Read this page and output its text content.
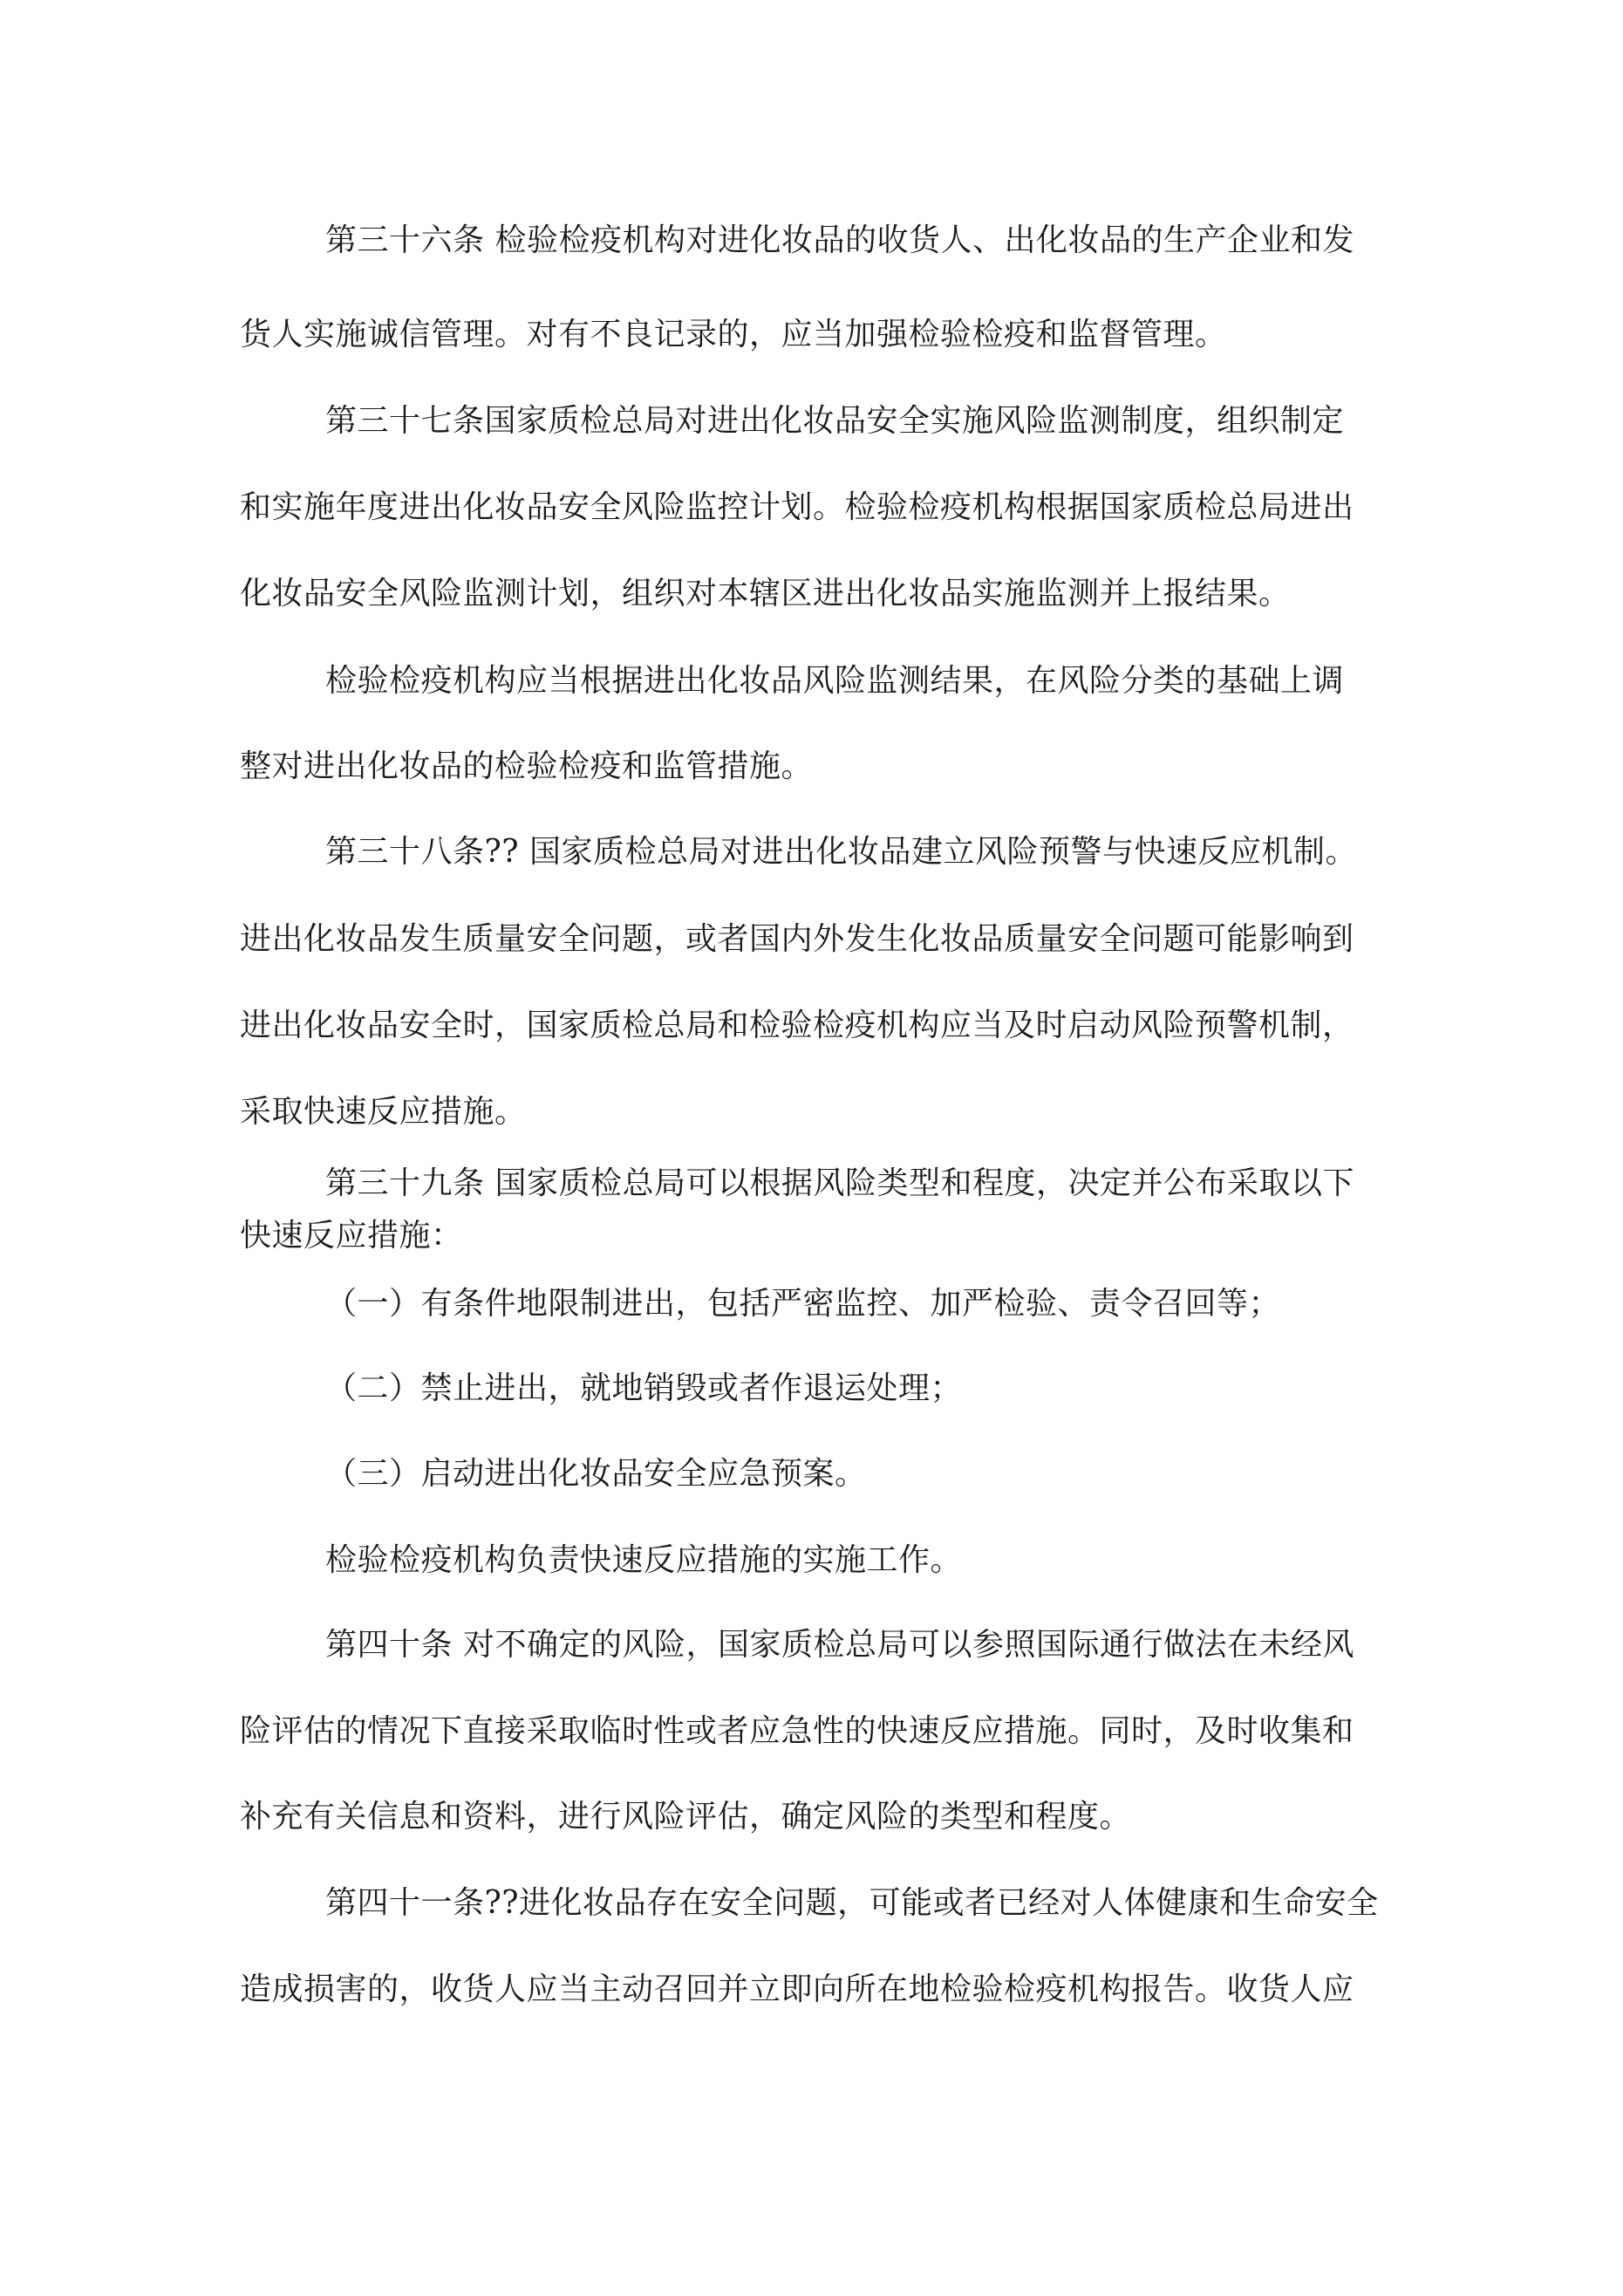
第三十六条 检验检疫机构对进化妆品的收货人、出化妆品的生产企业和发
货人实施诚信管理。对有不良记录的，应当加强检验检疫和监督管理。
第三十七条国家质检总局对进出化妆品安全实施风险监测制度，组织制定
和实施年度进出化妆品安全风险监控计划。检验检疫机构根据国家质检总局进出
化妆品安全风险监测计划，组织对本辖区进出化妆品实施监测并上报结果。
检验检疫机构应当根据进出化妆品风险监测结果，在风险分类的基础上调
整对进出化妆品的检验检疫和监管措施。
第三十八条?? 国家质检总局对进出化妆品建立风险预警与快速反应机制。
进出化妆品发生质量安全问题，或者国内外发生化妆品质量安全问题可能影响到
进出化妆品安全时，国家质检总局和检验检疫机构应当及时启动风险预警机制，
采取快速反应措施。
第三十九条 国家质检总局可以根据风险类型和程度，决定并公布采取以下
快速反应措施：
（一）有条件地限制进出，包括严密监控、加严检验、责令召回等；
（二）禁止进出，就地销毁或者作退运处理；
（三）启动进出化妆品安全应急预案。
检验检疫机构负责快速反应措施的实施工作。
第四十条 对不确定的风险，国家质检总局可以参照国际通行做法在未经风
险评估的情况下直接采取临时性或者应急性的快速反应措施。同时，及时收集和
补充有关信息和资料，进行风险评估，确定风险的类型和程度。
第四十一条??进化妆品存在安全问题，可能或者已经对人体健康和生命安全
造成损害的，收货人应当主动召回并立即向所在地检验检疫机构报告。收货人应
